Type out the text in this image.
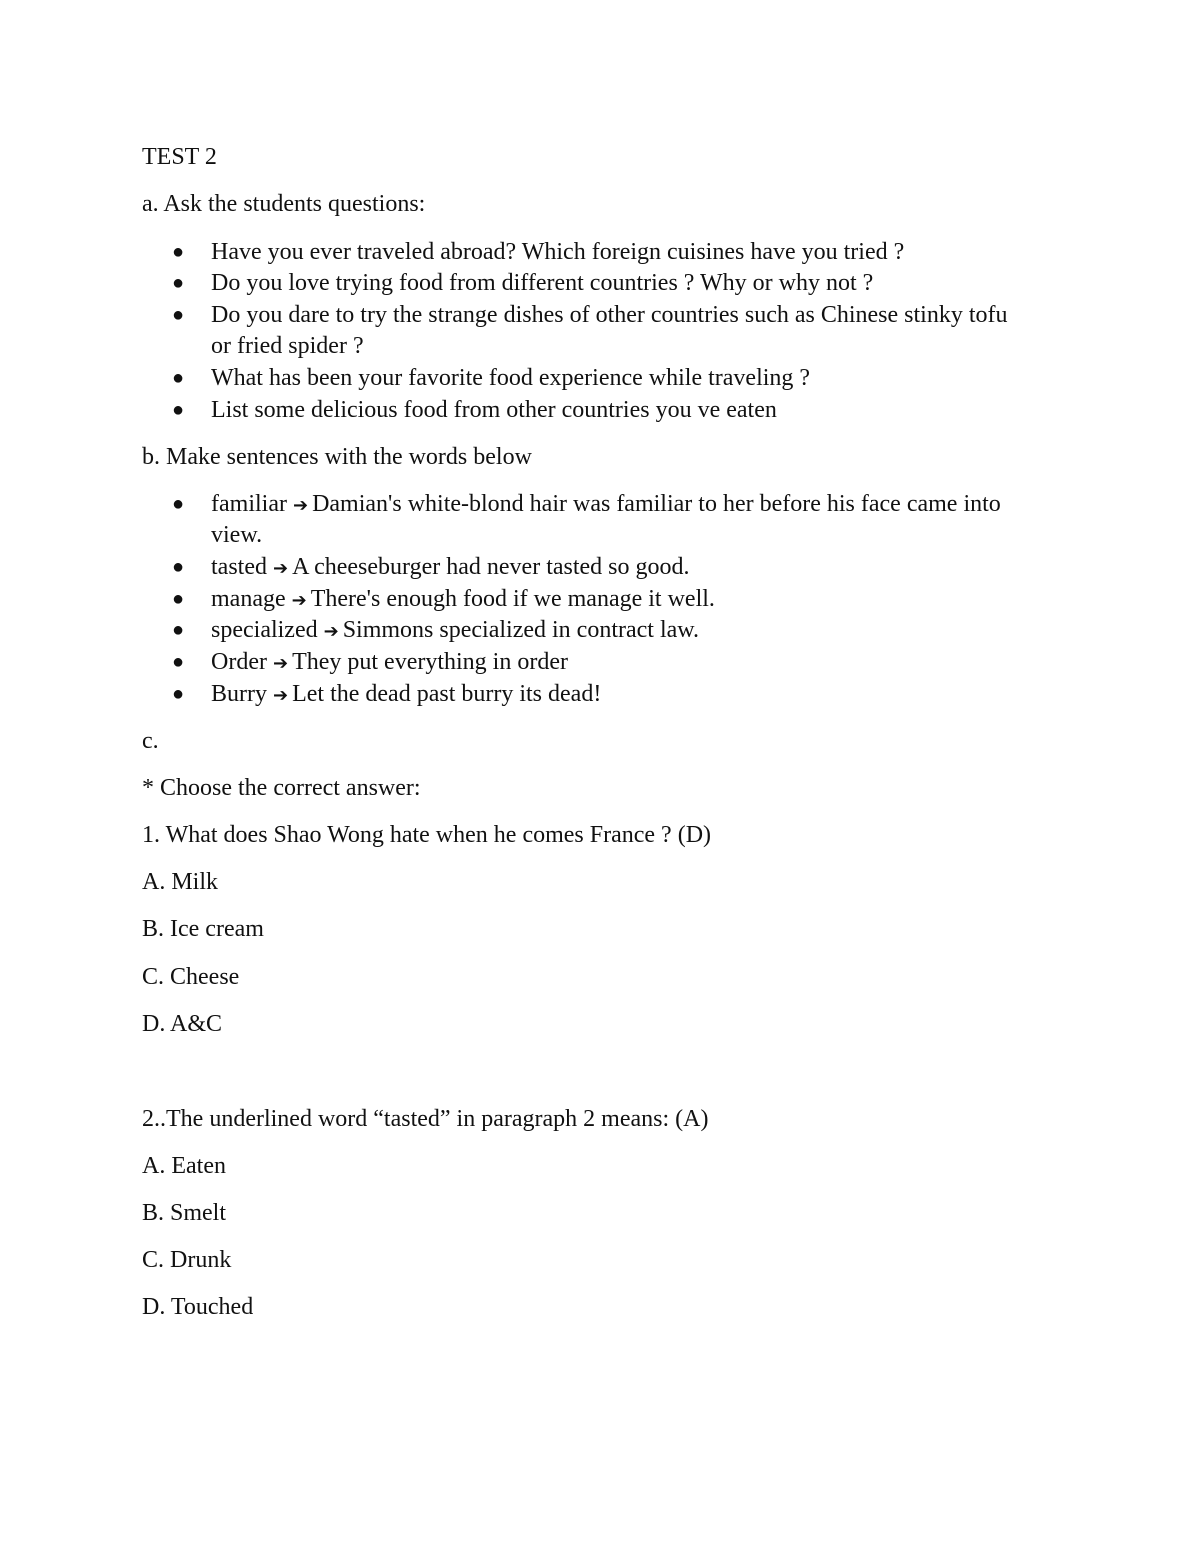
TEST 2
a. Ask the students questions:
● Have you ever traveled abroad? Which foreign cuisines have you tried ?
● Do you love trying food from different countries ? Why or why not ?
● Do you dare to try the strange dishes of other countries such as Chinese stinky tofu
or fried spider ?
● What has been your favorite food experience while traveling ?
● List some delicious food from other countries you ve eaten
b. Make sentences with the words below
● familiar ➔ Damian's white-blond hair was familiar to her before his face came into
view.
● tasted ➔ A cheeseburger had never tasted so good.
● manage ➔ There's enough food if we manage it well.
● specialized ➔ Simmons specialized in contract law.
● Order ➔ They put everything in order
● Burry ➔ Let the dead past burry its dead!
c.
* Choose the correct answer:
1. What does Shao Wong hate when he comes France ? (D)
A. Milk
B. Ice cream
C. Cheese
D. A&C
2..The underlined word “tasted” in paragraph 2 means: (A)
A. Eaten
B. Smelt
C. Drunk
D. Touched
